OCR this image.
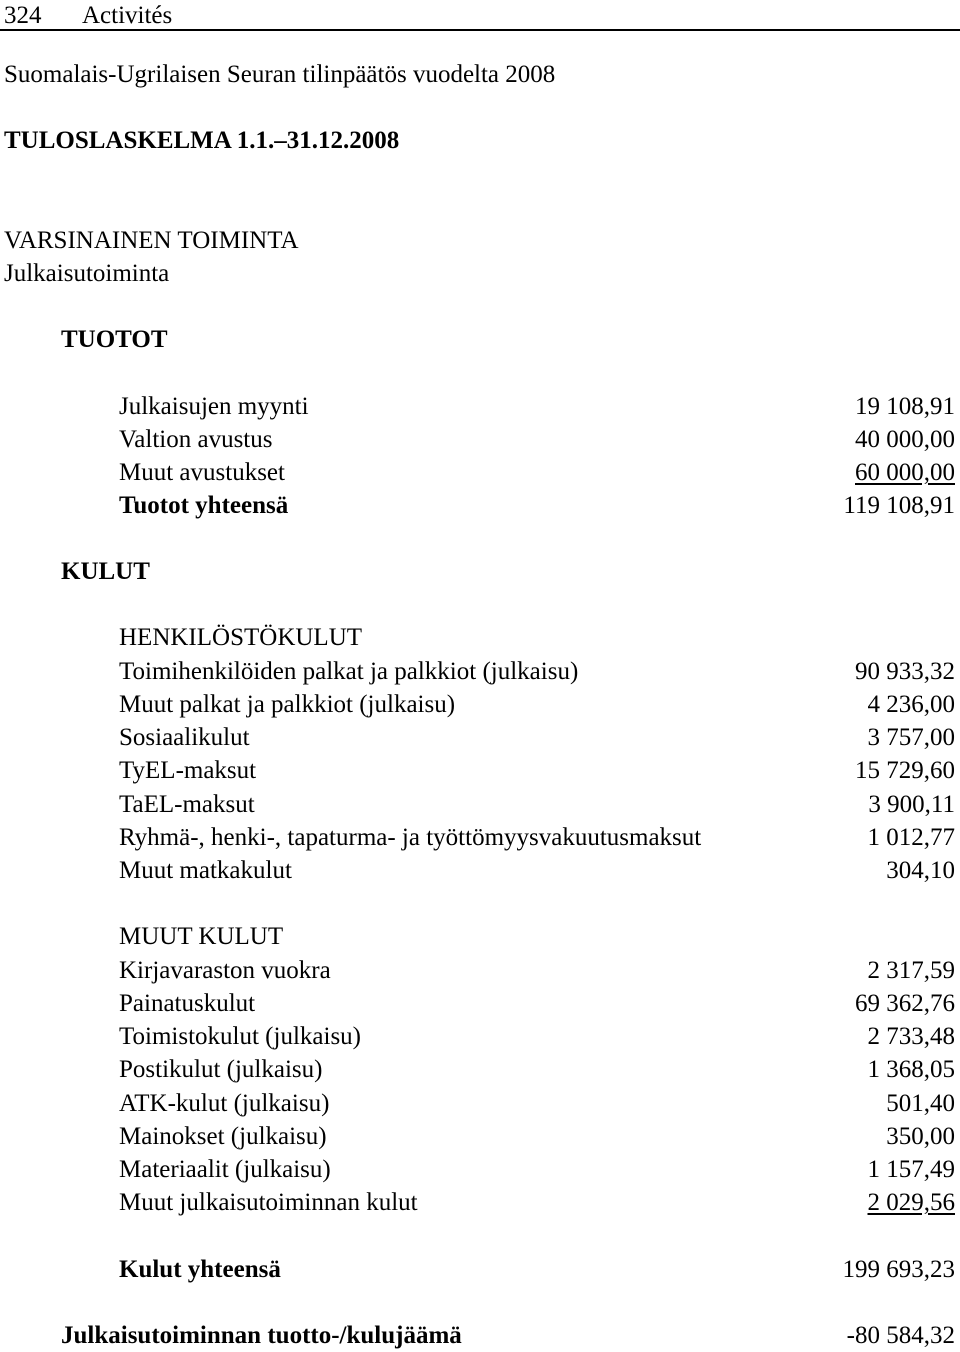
324 Activités
Suomalais-Ugrilaisen Seuran tilinpäätös vuodelta 2008
TULOSLASKELMA 1.1.–31.12.2008
VARSINAINEN TOIMINTA
Julkaisutoiminta
TUOTOT
Julkaisujen myynti	19 108,91
Valtion avustus	40 000,00
Muut avustukset	60 000,00
Tuotot yhteensä	119 108,91
KULUT
HENKILÖSTÖKULUT
Toimihenkilöiden palkat ja palkkiot (julkaisu)	90 933,32
Muut palkat ja palkkiot (julkaisu)	4 236,00
Sosiaalikulut	3 757,00
TyEL-maksut	15 729,60
TaEL-maksut	3 900,11
Ryhmä-, henki-, tapaturma- ja työttömyysvakuutusmaksut	1 012,77
Muut matkakulut	304,10
MUUT KULUT
Kirjavaraston vuokra	2 317,59
Painatuskulut	69 362,76
Toimistokulut (julkaisu)	2 733,48
Postikulut (julkaisu)	1 368,05
ATK-kulut (julkaisu)	501,40
Mainokset (julkaisu)	350,00
Materiaalit (julkaisu)	1 157,49
Muut julkaisutoiminnan kulut	2 029,56
Kulut yhteensä	199 693,23
Julkaisutoiminnan tuotto-/kulujäämä	-80 584,32
